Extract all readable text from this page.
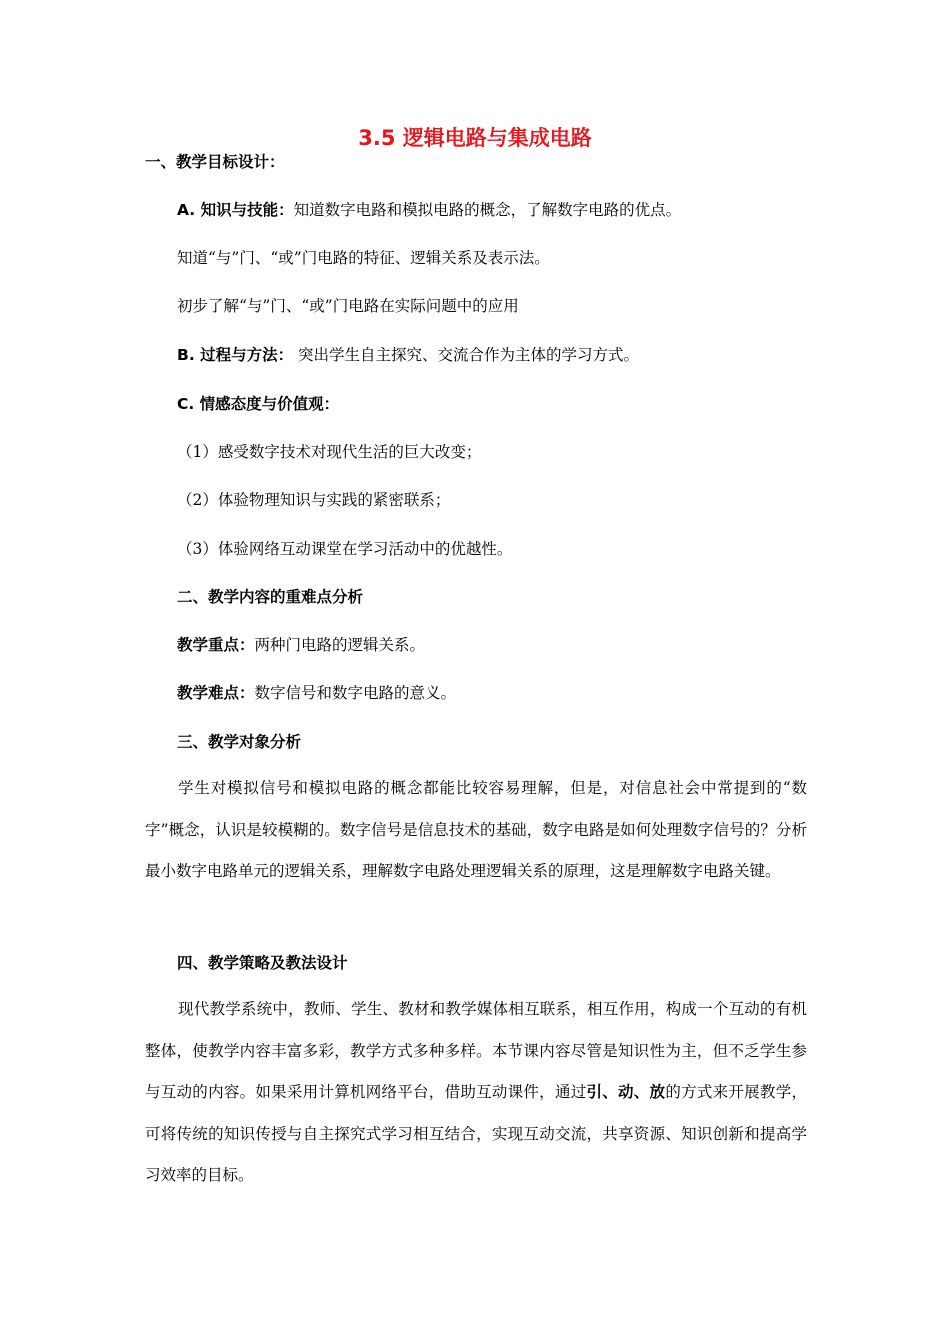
3.5 逻辑电路与集成电路
一、教学目标设计：
A. 知识与技能：知道数字电路和模拟电路的概念，了解数字电路的优点。
知道“与”门、“或”门电路的特征、逻辑关系及表示法。
初步了解“与”门、“或”门电路在实际问题中的应用
B. 过程与方法： 突出学生自主探究、交流合作为主体的学习方式。
C. 情感态度与价值观：
（1）感受数字技术对现代生活的巨大改变；
（2）体验物理知识与实践的紧密联系；
（3）体验网络互动课堂在学习活动中的优越性。
二、教学内容的重难点分析
教学重点：两种门电路的逻辑关系。
教学难点：数字信号和数字电路的意义。
三、教学对象分析
学生对模拟信号和模拟电路的概念都能比较容易理解，但是，对信息社会中常提到的“数字”概念，认识是较模糊的。数字信号是信息技术的基础，数字电路是如何处理数字信号的？分析最小数字电路单元的逻辑关系，理解数字电路处理逻辑关系的原理，这是理解数字电路关键。
四、教学策略及教法设计
现代教学系统中，教师、学生、教材和教学媒体相互联系，相互作用，构成一个互动的有机整体，使教学内容丰富多彩，教学方式多种多样。本节课内容尽管是知识性为主，但不乏学生参与互动的内容。如果采用计算机网络平台，借助互动课件，通过引、动、放的方式来开展教学，可将传统的知识传授与自主探究式学习相互结合，实现互动交流，共享资源、知识创新和提高学习效率的目标。
